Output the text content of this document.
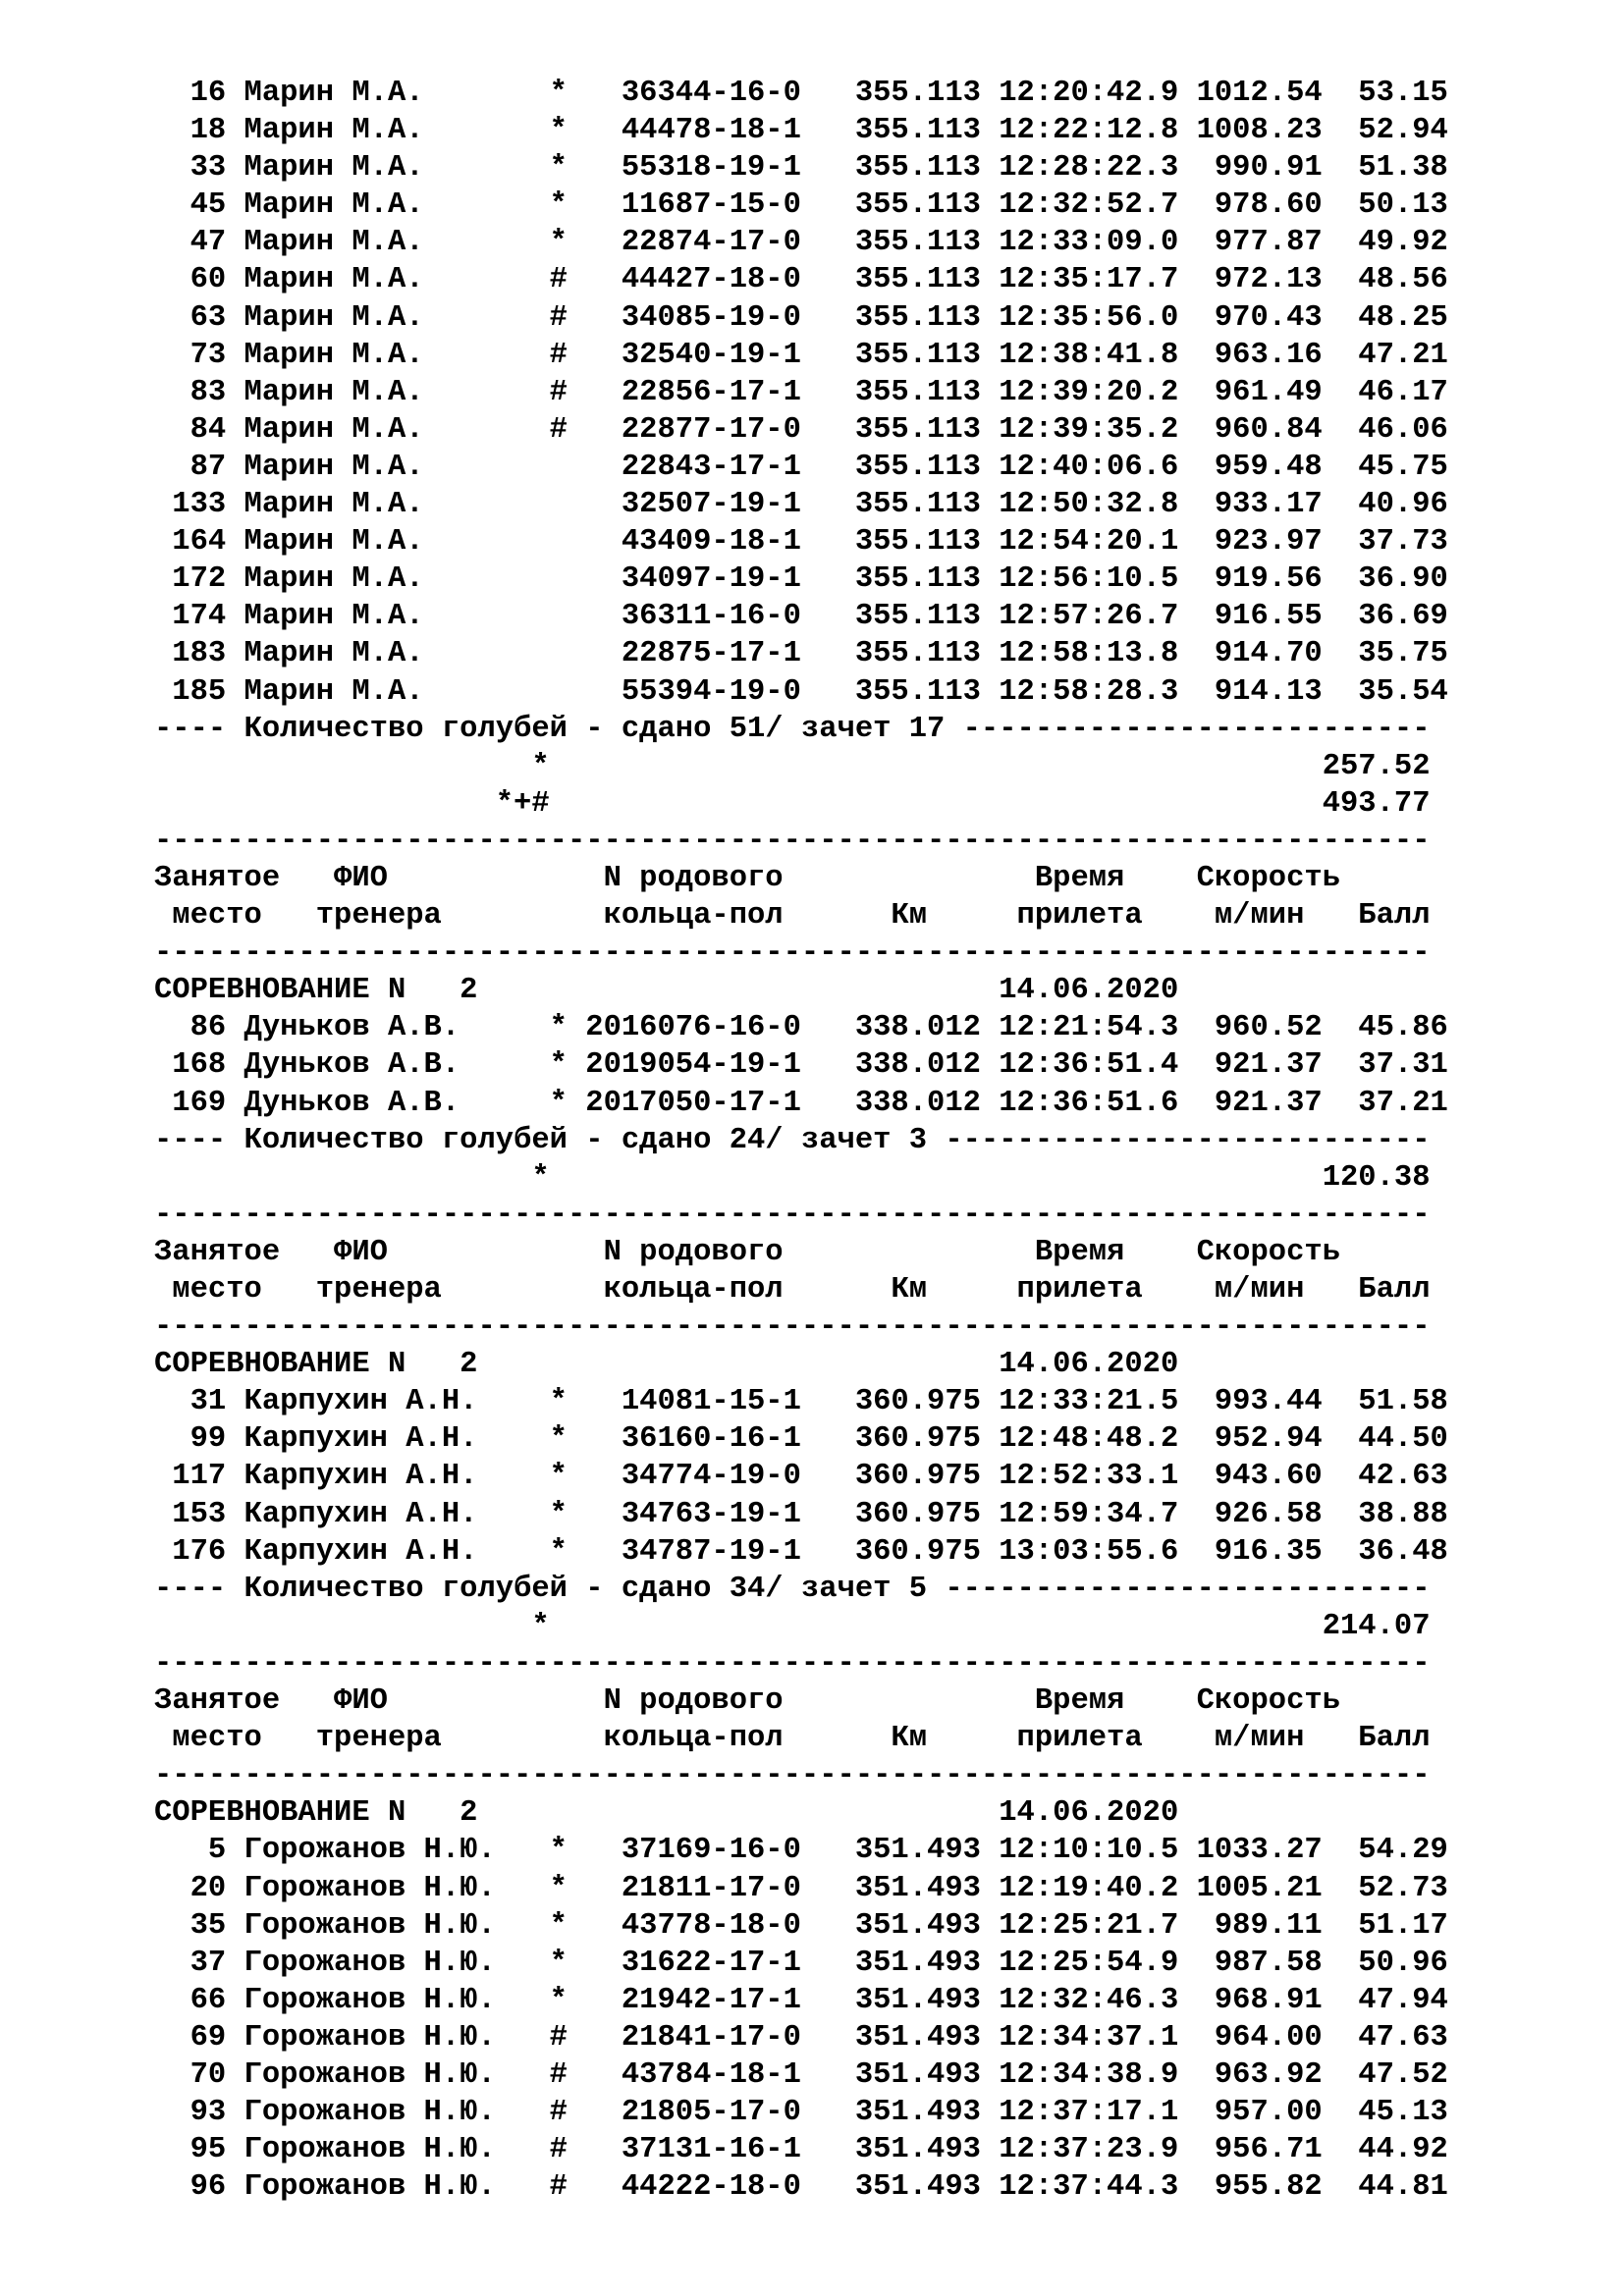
16 Марин М.А.       *   36344-16-0   355.113 12:20:42.9 1012.54  53.15
18 Марин М.А.       *   44478-18-1   355.113 12:22:12.8 1008.23  52.94
33 Марин М.А.       *   55318-19-1   355.113 12:28:22.3  990.91  51.38
45 Марин М.А.       *   11687-15-0   355.113 12:32:52.7  978.60  50.13
47 Марин М.А.       *   22874-17-0   355.113 12:33:09.0  977.87  49.92
60 Марин М.А.       #   44427-18-0   355.113 12:35:17.7  972.13  48.56
63 Марин М.А.       #   34085-19-0   355.113 12:35:56.0  970.43  48.25
73 Марин М.А.       #   32540-19-1   355.113 12:38:41.8  963.16  47.21
83 Марин М.А.       #   22856-17-1   355.113 12:39:20.2  961.49  46.17
84 Марин М.А.       #   22877-17-0   355.113 12:39:35.2  960.84  46.06
87 Марин М.А.           22843-17-1   355.113 12:40:06.6  959.48  45.75
133 Марин М.А.           32507-19-1   355.113 12:50:32.8  933.17  40.96
164 Марин М.А.           43409-18-1   355.113 12:54:20.1  923.97  37.73
172 Марин М.А.           34097-19-1   355.113 12:56:10.5  919.56  36.90
174 Марин М.А.           36311-16-0   355.113 12:57:26.7  916.55  36.69
183 Марин М.А.           22875-17-1   355.113 12:58:13.8  914.70  35.75
185 Марин М.А.           55394-19-0   355.113 12:58:28.3  914.13  35.54
---- Количество голубей - сдано 51/ зачет 17 --------------------------
*                                           257.52
*+#                                           493.77
-----------------------------------------------------------------------
Занятое   ФИО            N родового              Время    Скорость
место   тренера         кольца-пол      Км     прилета    м/мин   Балл
-----------------------------------------------------------------------
СОРЕВНОВАНИЕ N   2                             14.06.2020
86 Дуньков А.В.     * 2016076-16-0   338.012 12:21:54.3  960.52  45.86
168 Дуньков А.В.     * 2019054-19-1   338.012 12:36:51.4  921.37  37.31
169 Дуньков А.В.     * 2017050-17-1   338.012 12:36:51.6  921.37  37.21
---- Количество голубей - сдано 24/ зачет 3 ---------------------------
*                                           120.38
-----------------------------------------------------------------------
Занятое   ФИО            N родового              Время    Скорость
место   тренера         кольца-пол      Км     прилета    м/мин   Балл
-----------------------------------------------------------------------
СОРЕВНОВАНИЕ N   2                             14.06.2020
31 Карпухин А.Н.    *   14081-15-1   360.975 12:33:21.5  993.44  51.58
99 Карпухин А.Н.    *   36160-16-1   360.975 12:48:48.2  952.94  44.50
117 Карпухин А.Н.    *   34774-19-0   360.975 12:52:33.1  943.60  42.63
153 Карпухин А.Н.    *   34763-19-1   360.975 12:59:34.7  926.58  38.88
176 Карпухин А.Н.    *   34787-19-1   360.975 13:03:55.6  916.35  36.48
---- Количество голубей - сдано 34/ зачет 5 ---------------------------
*                                           214.07
-----------------------------------------------------------------------
Занятое   ФИО            N родового              Время    Скорость
место   тренера         кольца-пол      Км     прилета    м/мин   Балл
-----------------------------------------------------------------------
СОРЕВНОВАНИЕ N   2                             14.06.2020
5 Горожанов Н.Ю.   *   37169-16-0   351.493 12:10:10.5 1033.27  54.29
20 Горожанов Н.Ю.   *   21811-17-0   351.493 12:19:40.2 1005.21  52.73
35 Горожанов Н.Ю.   *   43778-18-0   351.493 12:25:21.7  989.11  51.17
37 Горожанов Н.Ю.   *   31622-17-1   351.493 12:25:54.9  987.58  50.96
66 Горожанов Н.Ю.   *   21942-17-1   351.493 12:32:46.3  968.91  47.94
69 Горожанов Н.Ю.   #   21841-17-0   351.493 12:34:37.1  964.00  47.63
70 Горожанов Н.Ю.   #   43784-18-1   351.493 12:34:38.9  963.92  47.52
93 Горожанов Н.Ю.   #   21805-17-0   351.493 12:37:17.1  957.00  45.13
95 Горожанов Н.Ю.   #   37131-16-1   351.493 12:37:23.9  956.71  44.92
96 Горожанов Н.Ю.   #   44222-18-0   351.493 12:37:44.3  955.82  44.81
